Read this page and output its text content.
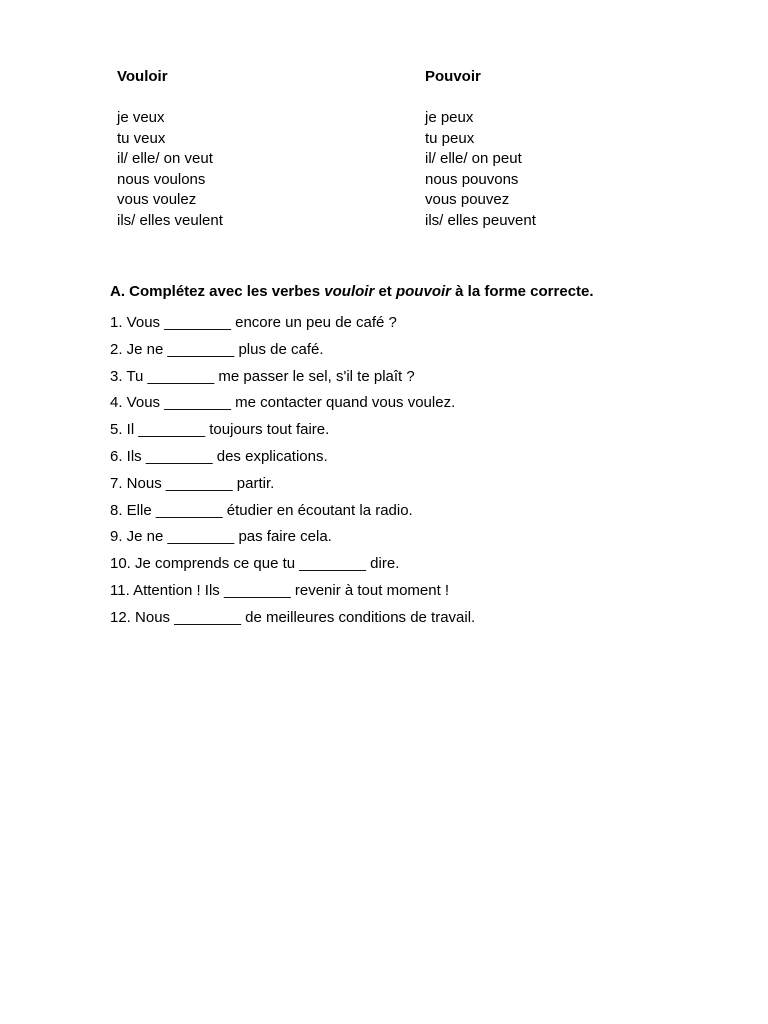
Vouloir
je veux
tu veux
il/ elle/ on veut
nous voulons
vous voulez
ils/ elles veulent
Pouvoir
je peux
tu peux
il/ elle/ on peut
nous pouvons
vous pouvez
ils/ elles peuvent

A. Complétez avec les verbes vouloir et pouvoir à la forme correcte.

1. Vous ________ encore un peu de café ?
2. Je ne ________ plus de café.
3. Tu ________ me passer le sel, s'il te plaît ?
4. Vous ________ me contacter quand vous voulez.
5. Il ________ toujours tout faire.
6. Ils ________ des explications.
7. Nous ________ partir.
8. Elle ________ étudier en écoutant la radio.
9. Je ne ________ pas faire cela.
10. Je comprends ce que tu ________ dire.
11. Attention ! Ils ________ revenir à tout moment !
12. Nous ________ de meilleures conditions de travail.
